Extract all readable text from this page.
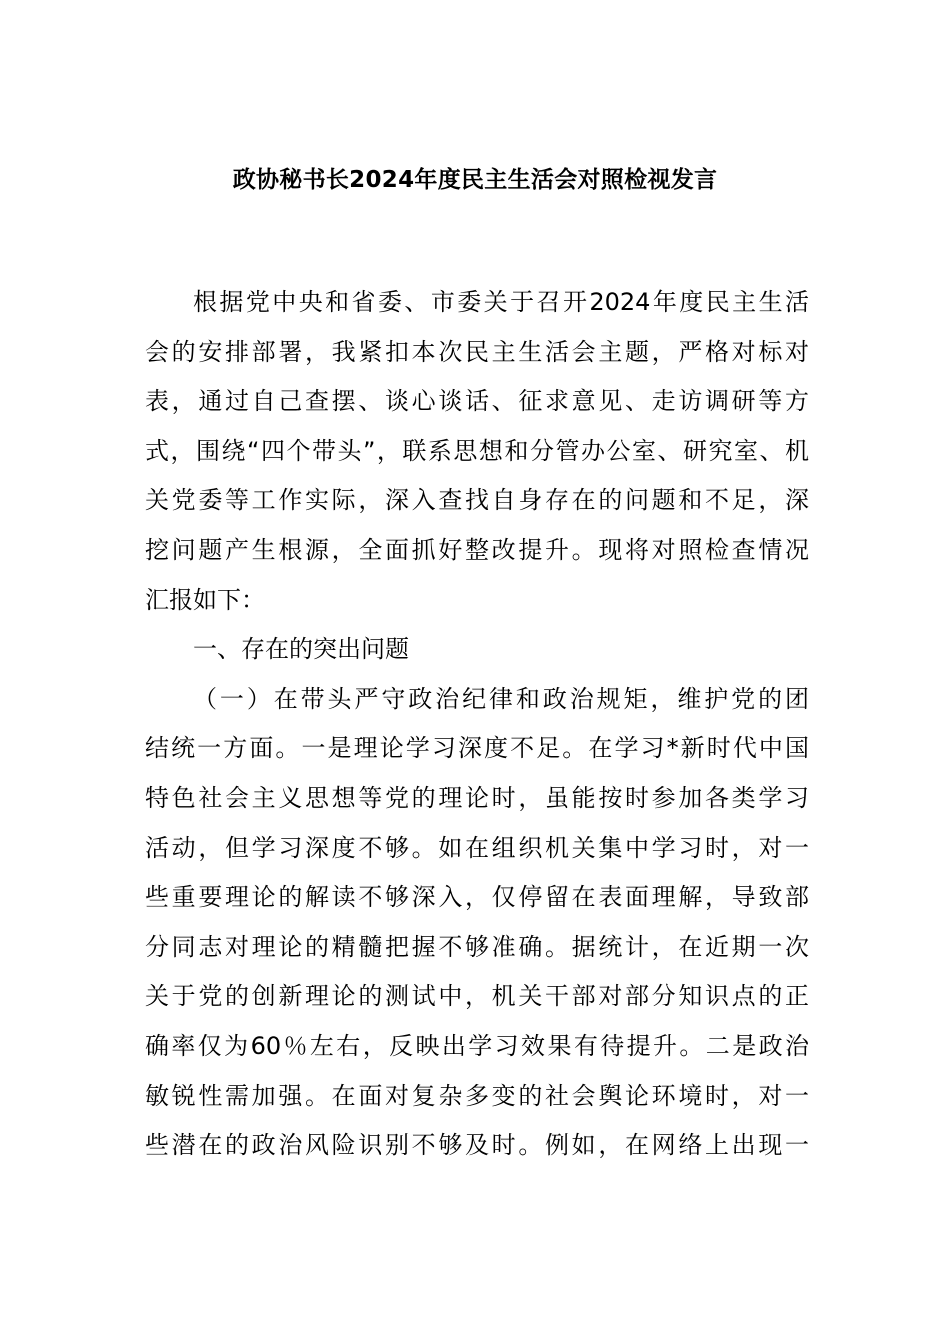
政协秘书长2024年度民主生活会对照检视发言
根据党中央和省委、市委关于召开2024年度民主生活
会的安排部署，我紧扣本次民主生活会主题，严格对标对
表，通过自己查摆、谈心谈话、征求意见、走访调研等方
式，围绕“四个带头”，联系思想和分管办公室、研究室、机
关党委等工作实际，深入查找自身存在的问题和不足，深
挖问题产生根源，全面抓好整改提升。现将对照检查情况
汇报如下：
一、存在的突出问题
（一）在带头严守政治纪律和政治规矩，维护党的团
结统一方面。一是理论学习深度不足。在学习*新时代中国
特色社会主义思想等党的理论时，虽能按时参加各类学习
活动，但学习深度不够。如在组织机关集中学习时，对一
些重要理论的解读不够深入，仅停留在表面理解，导致部
分同志对理论的精髓把握不够准确。据统计，在近期一次
关于党的创新理论的测试中，机关干部对部分知识点的正
确率仅为60％左右，反映出学习效果有待提升。二是政治
敏锐性需加强。在面对复杂多变的社会舆论环境时，对一
些潜在的政治风险识别不够及时。例如，在网络上出现一
